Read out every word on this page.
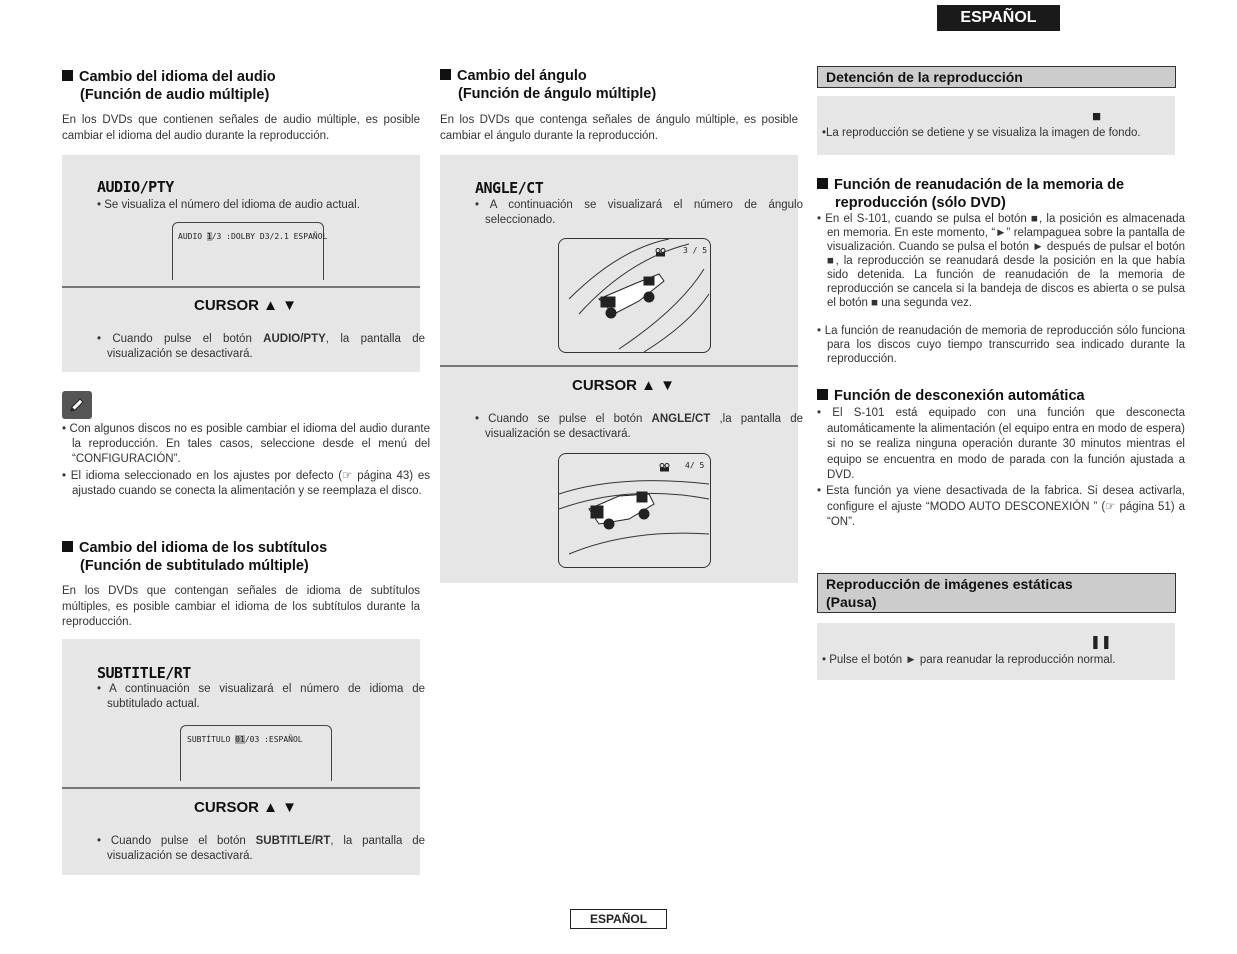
ESPAÑOL
Cambio del idioma del audio
(Función de audio múltiple)
En los DVDs que contienen señales de audio múltiple, es posible cambiar el idioma del audio durante la reproducción.
AUDIO/PTY
• Se visualiza el número del idioma de audio actual.
AUDIO 1/3 :DOLBY D3/2.1 ESPAÑOL
CURSOR ▲ ▼
• Cuando pulse el botón AUDIO/PTY, la pantalla de visualización se desactivará.
• Con algunos discos no es posible cambiar el idioma del audio durante la reproducción. En tales casos, seleccione desde el menú del “CONFIGURACIÓN”.
• El idioma seleccionado en los ajustes por defecto (☞ página 43) es ajustado cuando se conecta la alimentación y se reemplaza el disco.
Cambio del idioma de los subtítulos
(Función de subtitulado múltiple)
En los DVDs que contengan señales de idioma de subtítulos múltiples, es posible cambiar el idioma de los subtítulos durante la reproducción.
SUBTITLE/RT
• A continuación se visualizará el número de idioma de subtitulado actual.
SUBTÍTULO 01/03 :ESPAÑOL
CURSOR ▲ ▼
• Cuando pulse el botón SUBTITLE/RT, la pantalla de visualización se desactivará.
Cambio del ángulo
(Función de ángulo múltiple)
En los DVDs que contenga señales de ángulo múltiple, es posible cambiar el ángulo durante la reproducción.
ANGLE/CT
• A continuación se visualizará el número de ángulo seleccionado.
3 / 5
CURSOR ▲ ▼
• Cuando se pulse el botón ANGLE/CT ,la pantalla de visualización se desactivará.
4/ 5
Detención de la reproducción
■
•La reproducción se detiene y se visualiza la imagen de fondo.
Función de reanudación de la memoria de
reproducción (sólo DVD)
• En el S-101, cuando se pulsa el botón ■, la posición es almacenada en memoria. En este momento, “►” relampaguea sobre la pantalla de visualización. Cuando se pulsa el botón ► después de pulsar el botón ■, la reproducción se reanudará desde la posición en la que había sido detenida. La función de reanudación de la memoria de reproducción se cancela si la bandeja de discos es abierta o se pulsa el botón ■ una segunda vez.
• La función de reanudación de memoria de reproducción sólo funciona para los discos cuyo tiempo transcurrido sea indicado durante la reproducción.
Función de desconexión automática
• El S-101 está equipado con una función que desconecta automáticamente la alimentación (el equipo entra en modo de espera) si no se realiza ninguna operación durante 30 minutos mientras el equipo se encuentra en modo de parada con la función ajustada a DVD.
• Esta función ya viene desactivada de la fabrica. Si desea activarla, configure el ajuste “MODO AUTO DESCONEXIÓN ” (☞ página 51) a “ON”.
Reproducción de imágenes estáticas
(Pausa)
❚❚
• Pulse el botón ► para reanudar la reproducción normal.
ESPAÑOL
